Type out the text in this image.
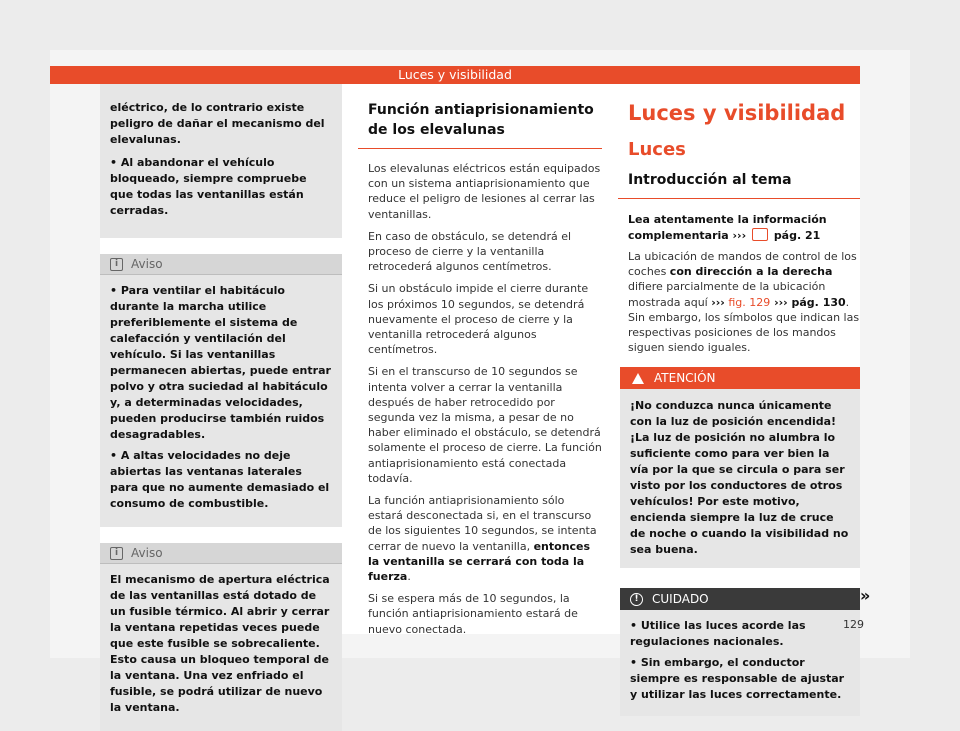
Luces y visibilidad

eléctrico, de lo contrario existe peligro de dañar el mecanismo del elevalunas.

• Al abandonar el vehículo bloqueado, siempre compruebe que todas las ventanillas están cerradas.

i	Aviso

• Para ventilar el habitáculo durante la marcha utilice preferiblemente el sistema de calefacción y ventilación del vehículo. Si las ventanillas permanecen abiertas, puede entrar polvo y otra suciedad al habitáculo y, a determinadas velocidades, pueden producirse también ruidos desagradables.

• A altas velocidades no deje abiertas las ventanas laterales para que no aumente demasiado el consumo de combustible.

i	Aviso

El mecanismo de apertura eléctrica de las ventanillas está dotado de un fusible térmico. Al abrir y cerrar la ventana repetidas veces puede que este fusible se sobrecaliente. Esto causa un bloqueo temporal de la ventana. Una vez enfriado el fusible, se podrá utilizar de nuevo la ventana.

Función antiaprisionamiento de los elevalunas

Los elevalunas eléctricos están equipados con un sistema antiaprisionamiento que reduce el peligro de lesiones al cerrar las ventanillas.

En caso de obstáculo, se detendrá el proceso de cierre y la ventanilla retrocederá algunos centímetros.

Si un obstáculo impide el cierre durante los próximos 10 segundos, se detendrá nuevamente el proceso de cierre y la ventanilla retrocederá algunos centímetros.

Si en el transcurso de 10 segundos se intenta volver a cerrar la ventanilla después de haber retrocedido por segunda vez la misma, a pesar de no haber eliminado el obstáculo, se detendrá solamente el proceso de cierre. La función antiaprisionamiento está conectada todavía.

La función antiaprisionamiento sólo estará desconectada si, en el transcurso de los siguientes 10 segundos, se intenta cerrar de nuevo la ventanilla, entonces la ventanilla se cerrará con toda la fuerza.

Si se espera más de 10 segundos, la función antiaprisionamiento estará de nuevo conectada.

Luces y visibilidad
Luces
Introducción al tema

Lea atentamente la información complementaria ›››  pág. 21

La ubicación de mandos de control de los coches con dirección a la derecha difiere parcialmente de la ubicación mostrada aquí ››› fig. 129 ››› pág. 130. Sin embargo, los símbolos que indican las respectivas posiciones de los mandos siguen siendo iguales.

ATENCIÓN

¡No conduzca nunca únicamente con la luz de posición encendida! ¡La luz de posición no alumbra lo suficiente como para ver bien la vía por la que se circula o para ser visto por los conductores de otros vehículos! Por este motivo, encienda siempre la luz de cruce de noche o cuando la visibilidad no sea buena.

!	CUIDADO

• Utilice las luces acorde las regulaciones nacionales.

• Sin embargo, el conductor siempre es responsable de ajustar y utilizar las luces correctamente.

»
129
